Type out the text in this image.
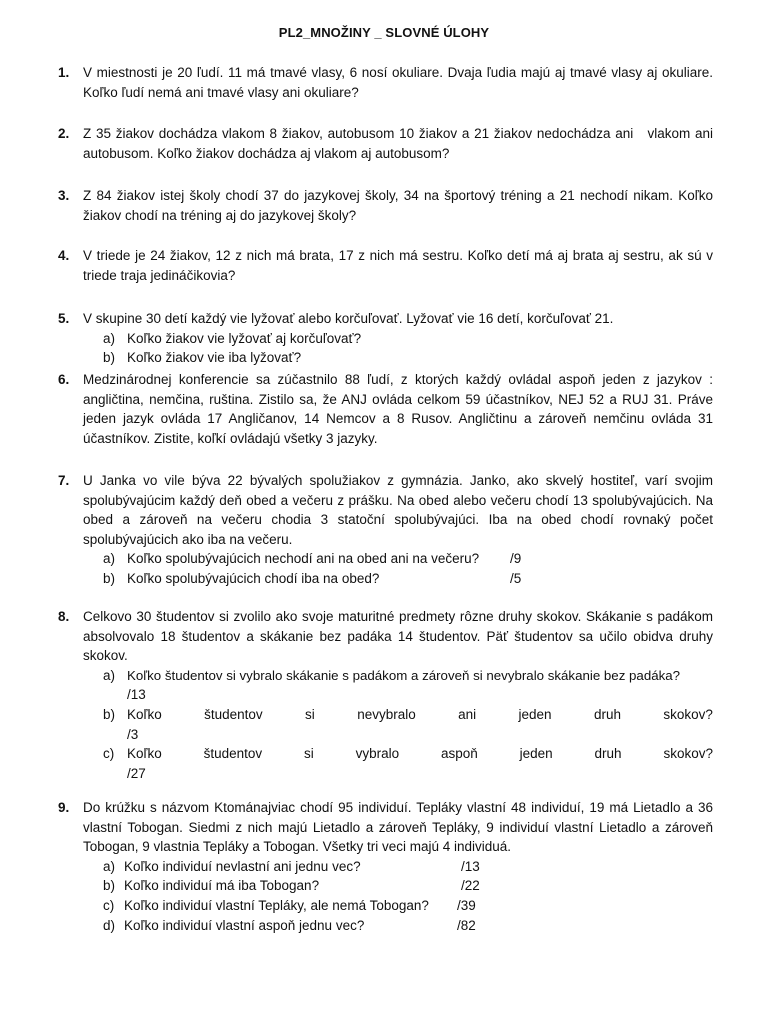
PL2_MNOŽINY _ SLOVNÉ ÚLOHY
1. V miestnosti je 20 ľudí. 11 má tmavé vlasy, 6 nosí okuliare. Dvaja ľudia majú aj tmavé vlasy aj okuliare. Koľko ľudí nemá ani tmavé vlasy ani okuliare?
2. Z 35 žiakov dochádza vlakom 8 žiakov, autobusom 10 žiakov a 21 žiakov nedochádza ani   vlakom ani autobusom. Koľko žiakov dochádza aj vlakom aj autobusom?
3. Z 84 žiakov istej školy chodí 37 do jazykovej školy, 34 na športový tréning a 21 nechodí nikam. Koľko žiakov chodí na tréning aj do jazykovej školy?
4. V triede je 24 žiakov, 12 z nich má brata, 17 z nich má sestru. Koľko detí má aj brata aj sestru, ak sú v triede traja jedináčikovia?
5. V skupine 30 detí každý vie lyžovať alebo korčuľovať. Lyžovať vie 16 detí, korčuľovať 21.
a) Koľko žiakov vie lyžovať aj korčuľovať?
b) Koľko žiakov vie iba lyžovať?
6. Medzinárodnej konferencie sa zúčastnilo 88 ľudí, z ktorých každý ovládal aspoň jeden z jazykov : angličtina, nemčina, ruština. Zistilo sa, že ANJ ovláda celkom 59 účastníkov, NEJ 52 a RUJ 31. Práve jeden jazyk ovláda 17 Angličanov, 14 Nemcov a 8 Rusov. Angličtinu a zároveň nemčinu ovláda 31 účastníkov. Zistite, koľkí ovládajú všetky 3 jazyky.
7. U Janka vo vile býva 22 bývalých spolužiakov z gymnázia. Janko, ako skvelý hostiteľ, varí svojim spolubývajúcim každý deň obed a večeru z prášku. Na obed alebo večeru chodí 13 spolubývajúcich. Na obed a zároveň na večeru chodia 3 statoční spolubývajúci. Iba na obed chodí rovnaký počet spolubývajúcich ako iba na večeru.
a) Koľko spolubývajúcich nechodí ani na obed ani na večeru? /9
b) Koľko spolubývajúcich chodí iba na obed?	/5
8. Celkovo 30 študentov si zvolilo ako svoje maturitné predmety rôzne druhy skokov. Skákanie s padákom absolvovalo 18 študentov a skákanie bez padáka 14 študentov. Päť študentov sa učilo obidva druhy skokov.
a) Koľko študentov si vybralo skákanie s padákom a zároveň si nevybralo skákanie bez padáka?
/13
b) Koľko	študentov	si	nevybralo	ani	jeden	druh	skokov?
/3
c) Koľko	študentov	si	vybralo	aspoň	jeden	druh	skokov?
/27
9. Do krúžku s názvom Ktománajviac chodí 95 individuí. Tepláky vlastní 48 individuí, 19 má Lietadlo a 36 vlastní Tobogan. Siedmi z nich majú Lietadlo a zároveň Tepláky, 9 individuí vlastní Lietadlo a zároveň Tobogan, 9 vlastnia Tepláky a Tobogan. Všetky tri veci majú 4 individuá.
a) Koľko individuí nevlastní ani jednu vec?	/13
b) Koľko individuí má iba Tobogan?	/22
c) Koľko individuí vlastní Tepláky, ale nemá Tobogan? /39
d) Koľko individuí vlastní aspoň jednu vec?	/82
